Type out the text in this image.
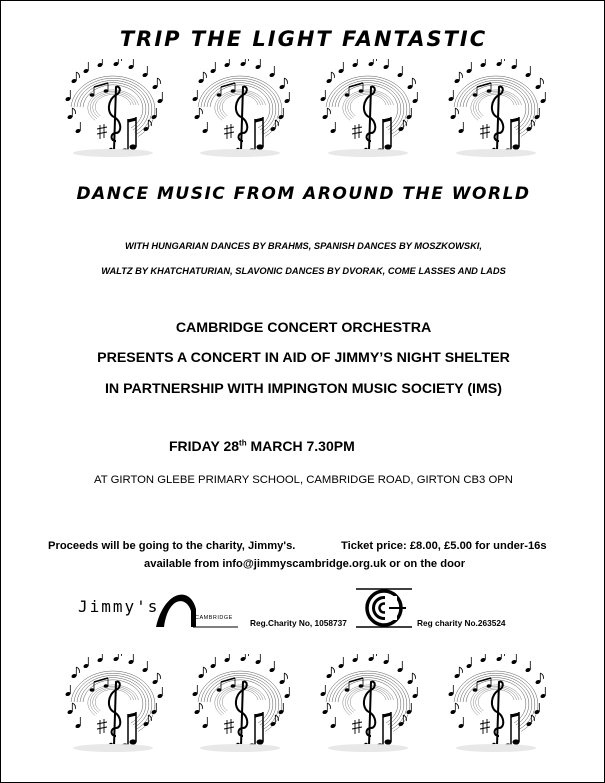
TRIP THE LIGHT FANTASTIC
DANCE MUSIC FROM AROUND THE WORLD
WITH HUNGARIAN DANCES BY BRAHMS, SPANISH DANCES BY MOSZKOWSKI,
WALTZ BY KHATCHATURIAN, SLAVONIC DANCES BY DVORAK, COME LASSES AND LADS
CAMBRIDGE CONCERT ORCHESTRA
PRESENTS A CONCERT IN AID OF JIMMY’S NIGHT SHELTER
IN PARTNERSHIP WITH IMPINGTON MUSIC SOCIETY (IMS)
FRIDAY 28th MARCH 7.30PM
AT GIRTON GLEBE PRIMARY SCHOOL, CAMBRIDGE ROAD, GIRTON CB3 OPN
Proceeds will be going to the charity, Jimmy's.	Ticket price: £8.00, £5.00 for under-16s
available from info@jimmyscambridge.org.uk or on the door
Jimmy's
CAMBRIDGE Reg.Charity No, 1058737	Reg charity No.263524
